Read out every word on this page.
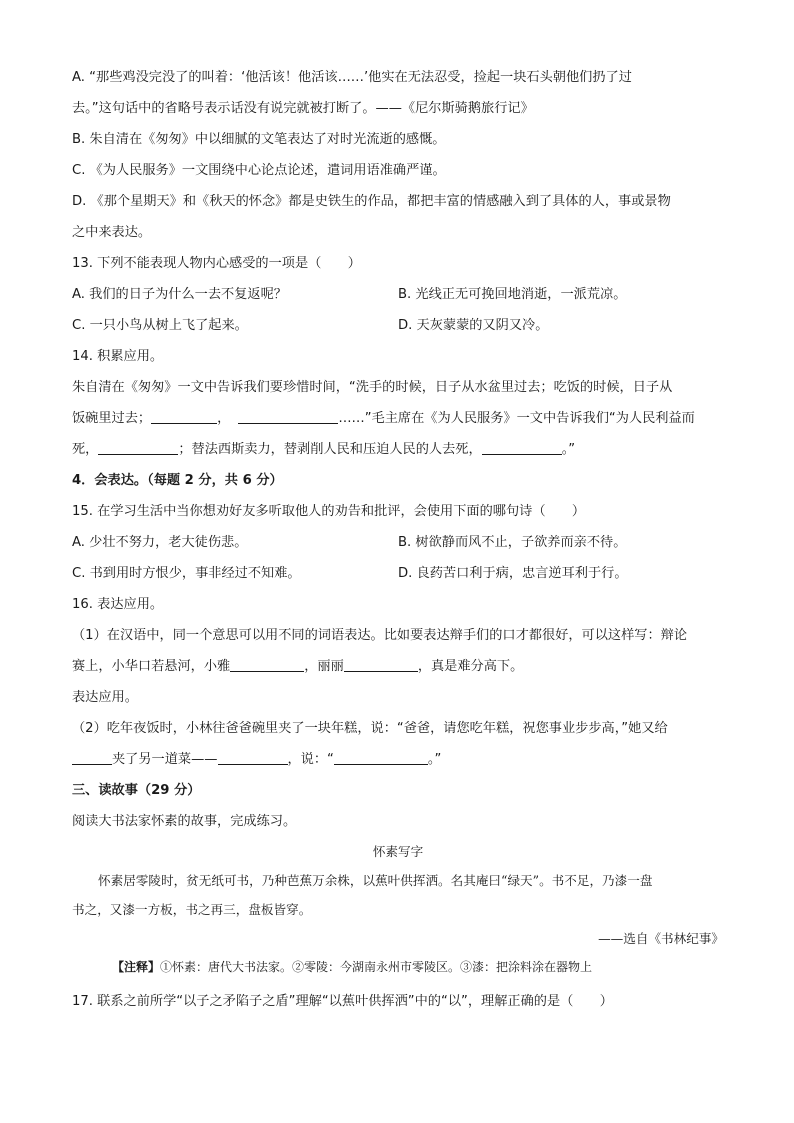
A. “那些鸡没完没了的叫着：‘他活该！他活该……’他实在无法忍受，捡起一块石头朝他们扔了过
去。”这句话中的省略号表示话没有说完就被打断了。——《尼尔斯骑鹅旅行记》
B. 朱自清在《匆匆》中以细腻的文笔表达了对时光流逝的感慨。
C. 《为人民服务》一文围绕中心论点论述，遣词用语准确严谨。
D. 《那个星期天》和《秋天的怀念》都是史铁生的作品，都把丰富的情感融入到了具体的人，事或景物
之中来表达。
13. 下列不能表现人物内心感受的一项是（　　）
A. 我们的日子为什么一去不复返呢？	B. 光线正无可挽回地消逝，一派荒凉。
C. 一只小鸟从树上飞了起来。	D. 天灰蒙蒙的又阴又冷。
14. 积累应用。
朱自清在《匆匆》一文中告诉我们要珍惜时间，“洗手的时候，日子从水盆里过去；吃饭的时候，日子从
饭碗里过去；	，	……”毛主席在《为人民服务》一文中告诉我们“为人民利益而
死，	；替法西斯卖力，替剥削人民和压迫人民的人去死，	。”
4．会表达。（每题 2 分，共 6 分）
15. 在学习生活中当你想劝好友多听取他人的劝告和批评，会使用下面的哪句诗（　　）
A. 少壮不努力，老大徒伤悲。	B. 树欲静而风不止，子欲养而亲不待。
C. 书到用时方恨少，事非经过不知难。	D. 良药苦口利于病，忠言逆耳利于行。
16. 表达应用。
（1）在汉语中，同一个意思可以用不同的词语表达。比如要表达辩手们的口才都很好，可以这样写：辩论
赛上，小华口若悬河，小雅	，丽丽	，真是难分高下。
表达应用。
（2）吃年夜饭时，小林往爸爸碗里夹了一块年糕，说：“爸爸，请您吃年糕，祝您事业步步高，”她又给
夹了另一道菜——	，说：“	。”
三、读故事（29 分）
阅读大书法家怀素的故事，完成练习。
怀素写字
怀素居零陵时，贫无纸可书，乃种芭蕉万余株，以蕉叶供挥洒。名其庵曰“绿天”。书不足，乃漆一盘
书之，又漆一方板，书之再三，盘板皆穿。
——选自《书林纪事》
【注释】①怀素：唐代大书法家。②零陵：今湖南永州市零陵区。③漆：把涂料涂在器物上
17. 联系之前所学“以子之矛陷子之盾”理解“以蕉叶供挥洒”中的“以”，理解正确的是（　　）
